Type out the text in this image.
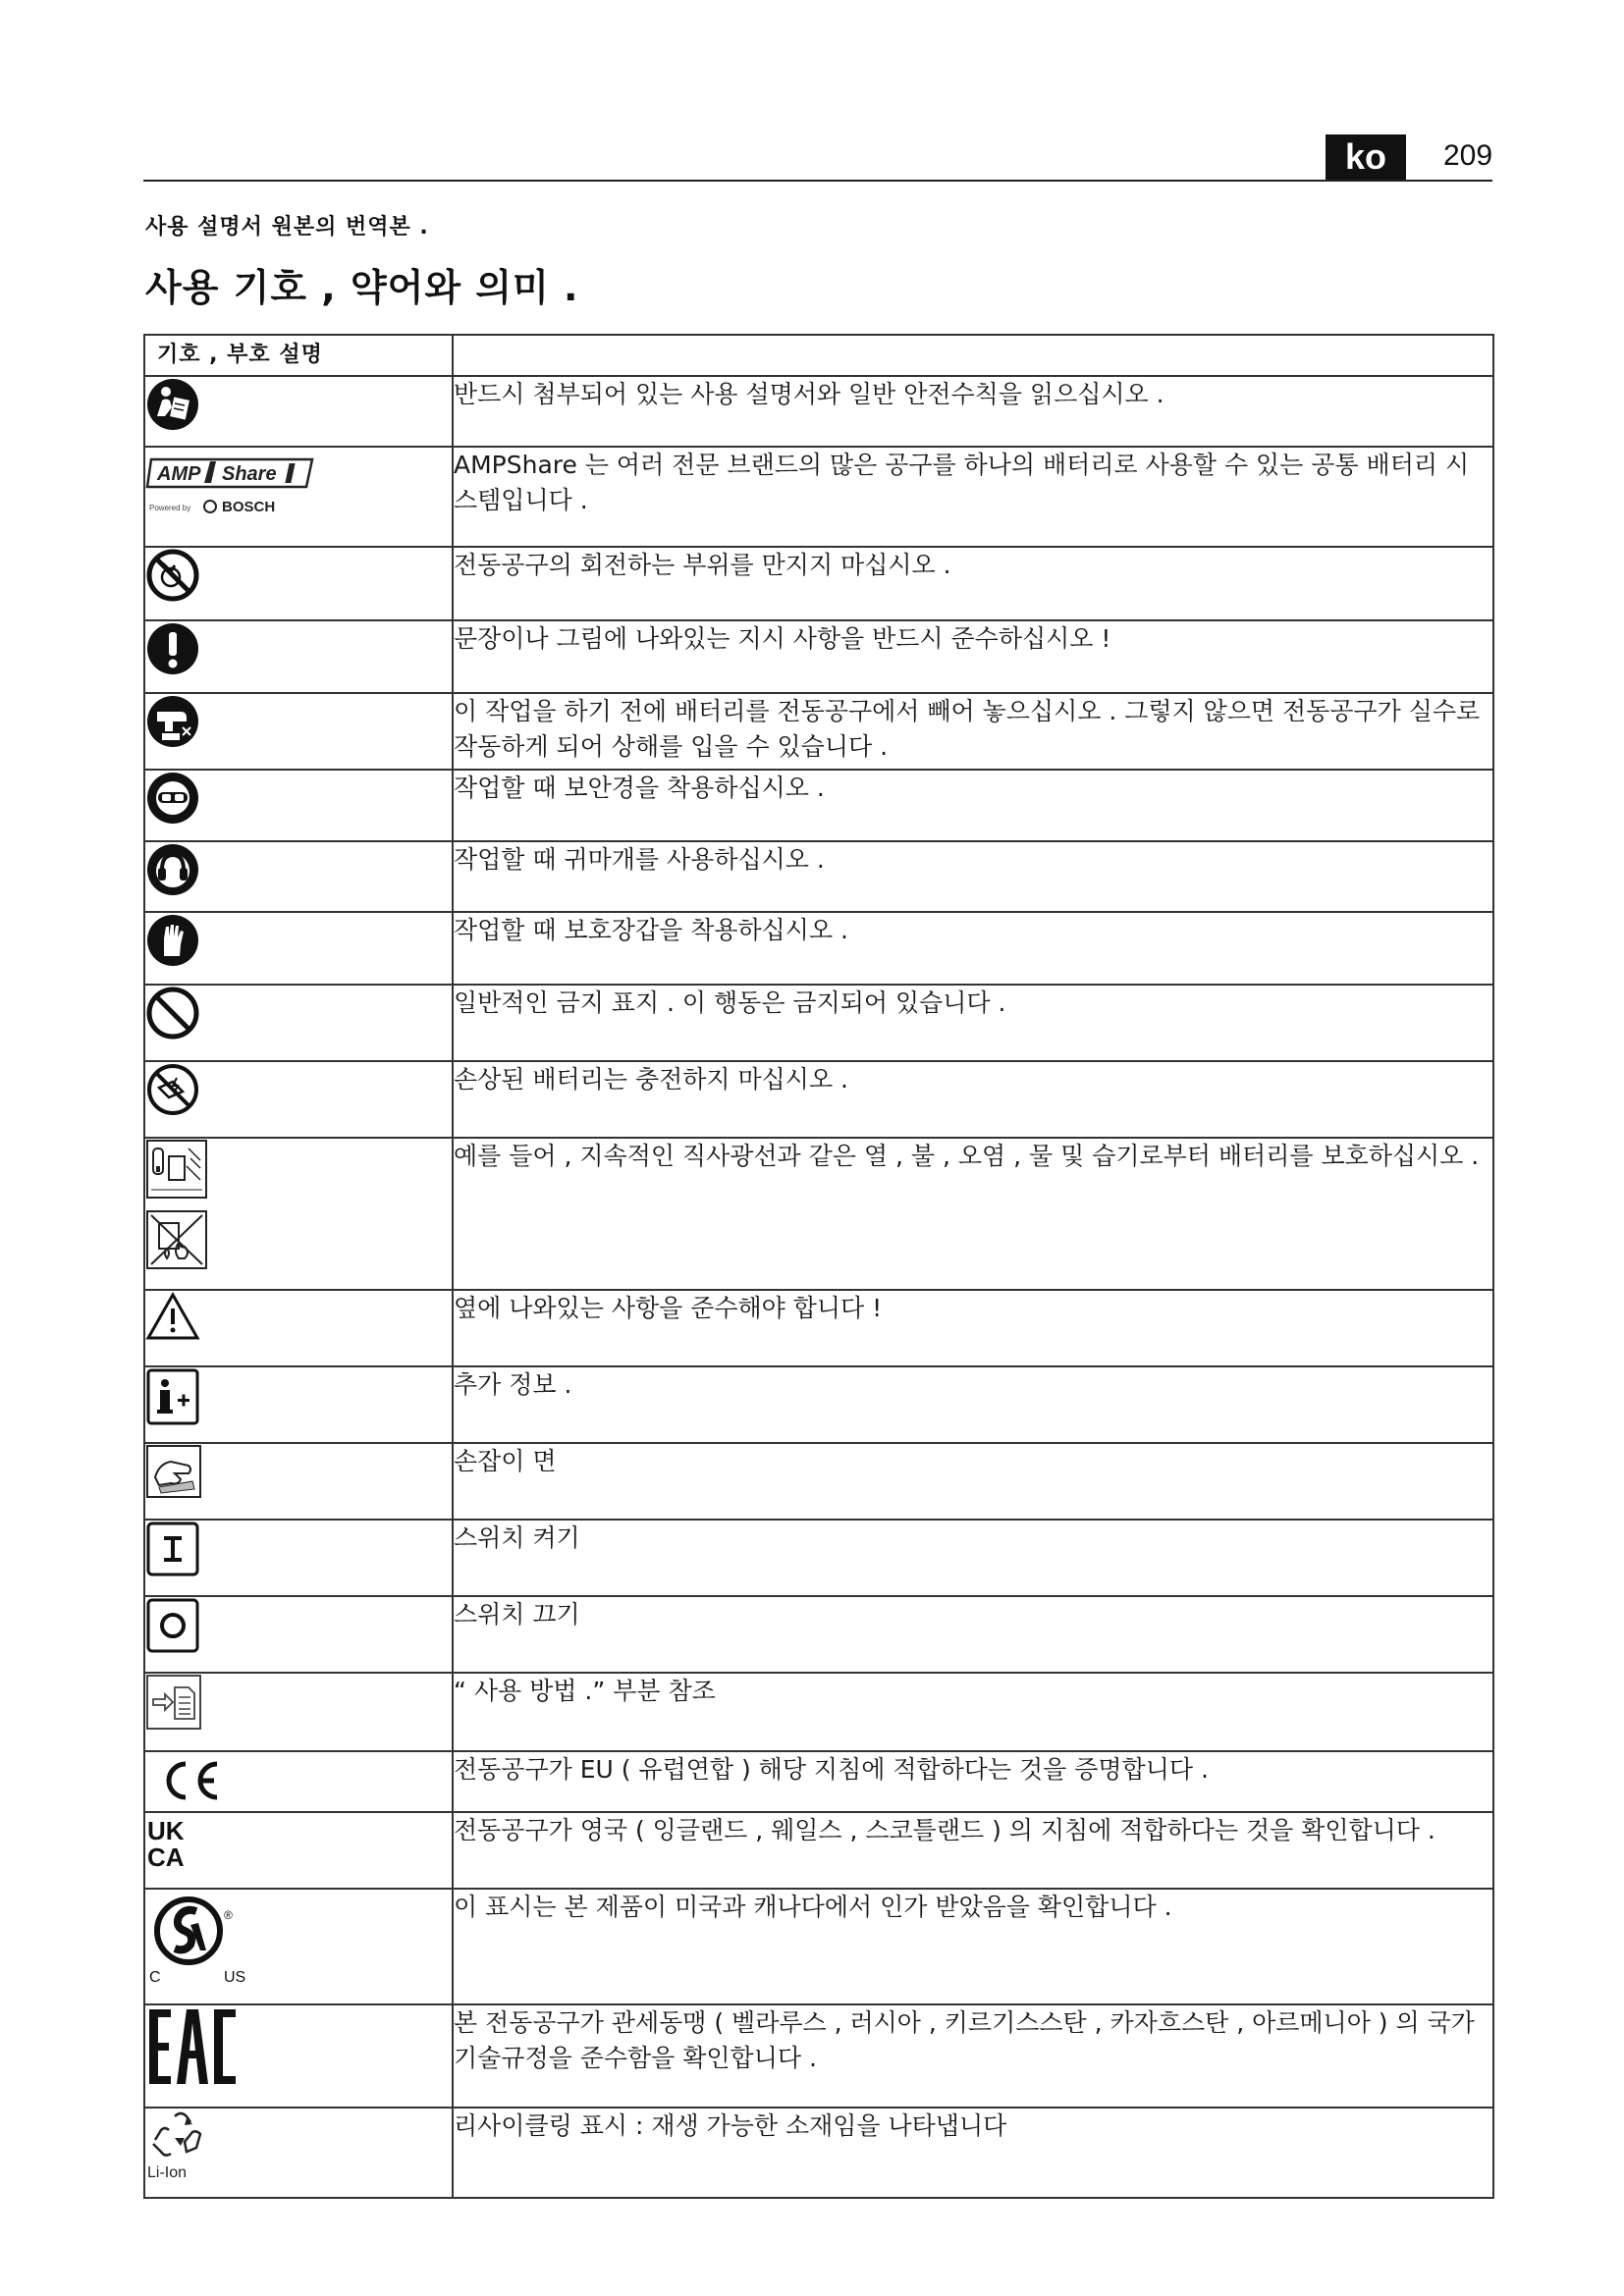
ko	209
사용 설명서 원본의 번역본 .
사용 기호 , 약어와 의미 .
기호 , 부호 설명	

	반드시 첨부되어 있는 사용 설명서와 일반 안전수칙을 읽으십시오 .

AMP Share
Powered by BOSCH	AMPShare 는 여러 전문 브랜드의 많은 공구를 하나의 배터리로 사용할 수 있는 공통 배터리 시스템입니다 .

	전동공구의 회전하는 부위를 만지지 마십시오 .

	문장이나 그림에 나와있는 지시 사항을 반드시 준수하십시오 !

	이 작업을 하기 전에 배터리를 전동공구에서 빼어 놓으십시오 . 그렇지 않으면 전동공구가 실수로 작동하게 되어 상해를 입을 수 있습니다 .

	작업할 때 보안경을 착용하십시오 .

	작업할 때 귀마개를 사용하십시오 .

	작업할 때 보호장갑을 착용하십시오 .

	일반적인 금지 표지 . 이 행동은 금지되어 있습니다 .

	손상된 배터리는 충전하지 마십시오 .

	예를 들어 , 지속적인 직사광선과 같은 열 , 불 , 오염 , 물 및 습기로부터 배터리를 보호하십시오 .

	옆에 나와있는 사항을 준수해야 합니다 !

	추가 정보 .

	손잡이 면

	스위치 켜기

	스위치 끄기

	“ 사용 방법 .” 부분 참조

	전동공구가 EU ( 유럽연합 ) 해당 지침에 적합하다는 것을 증명합니다 .

UK
CA	전동공구가 영국 ( 잉글랜드 , 웨일스 , 스코틀랜드 ) 의 지침에 적합하다는 것을 확인합니다 .

®
C US	이 표시는 본 제품이 미국과 캐나다에서 인가 받았음을 확인합니다 .

	본 전동공구가 관세동맹 ( 벨라루스 , 러시아 , 키르기스스탄 , 카자흐스탄 , 아르메니아 ) 의 국가기술규정을 준수함을 확인합니다 .

Li-Ion	리사이클링 표시 : 재생 가능한 소재임을 나타냅니다
